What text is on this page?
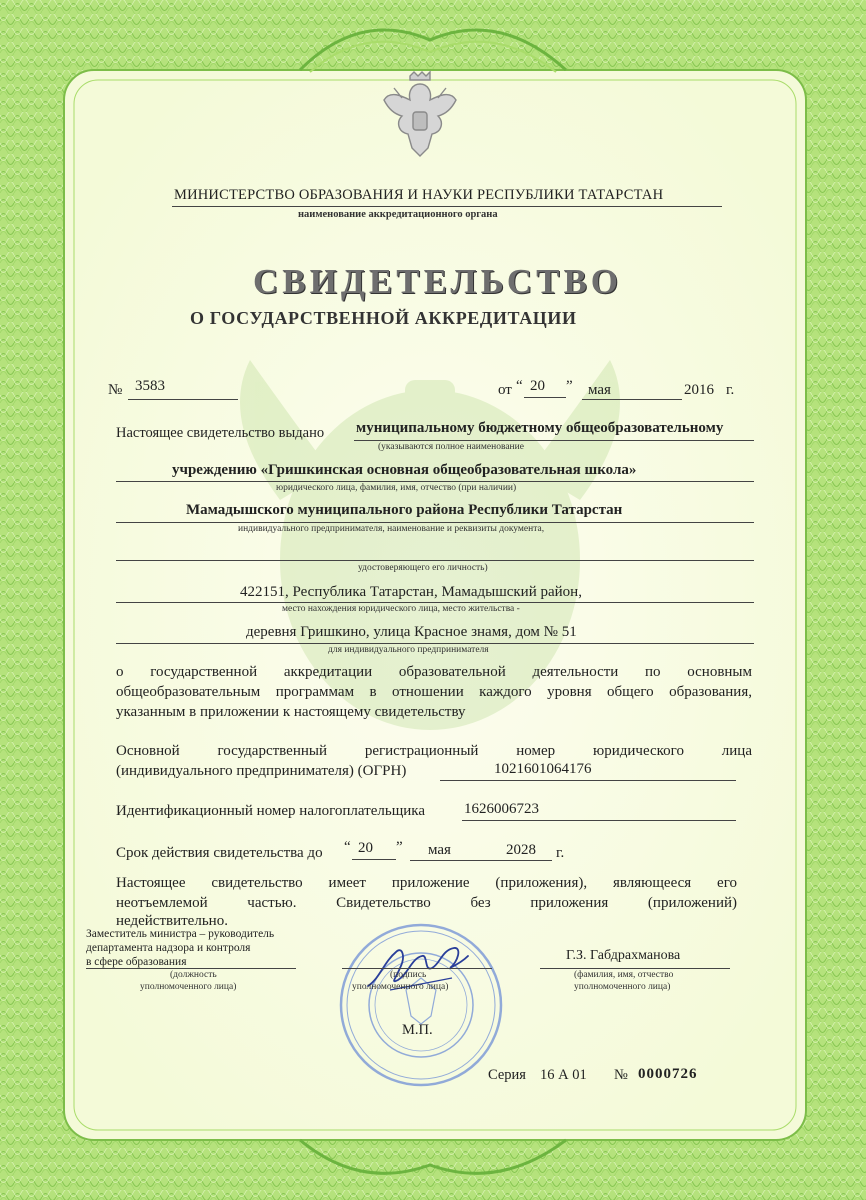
МИНИСТЕРСТВО ОБРАЗОВАНИЯ И НАУКИ РЕСПУБЛИКИ ТАТАРСТАН
наименование аккредитационного органа
СВИДЕТЕЛЬСТВО
О ГОСУДАРСТВЕННОЙ АККРЕДИТАЦИИ
№ 3583	от “ 20 ” мая	2016 г.
Настоящее свидетельство выдано муниципальному бюджетному общеобразовательному
(указываются полное наименование
учреждению «Гришкинская основная общеобразовательная школа»
юридического лица, фамилия, имя, отчество (при наличии)
Мамадышского муниципального района Республики Татарстан
индивидуального предпринимателя, наименование и реквизиты документа,
удостоверяющего его личность)
422151, Республика Татарстан, Мамадышский район,
место нахождения юридического лица, место жительства -
деревня Гришкино, улица Красное знамя, дом № 51
для индивидуального предпринимателя
о государственной аккредитации образовательной деятельности по основным
общеобразовательным программам в отношении каждого уровня общего образования,
указанным в приложении к настоящему свидетельству
Основной государственный регистрационный номер юридического лица
(индивидуального предпринимателя) (ОГРН)	1021601064176
Идентификационный номер налогоплательщика	1626006723
Срок действия свидетельства до “ 20 ” мая	2028 г.
Настоящее свидетельство имеет приложение (приложения), являющееся его
неотъемлемой частью. Свидетельство без приложения (приложений)
недействительно.
Заместитель министра – руководитель
департамента надзора и контроля
в сфере образования
(должность
уполномоченного лица)
(подпись
уполномоченного лица)
Г.З. Габдрахманова
(фамилия, имя, отчество
уполномоченного лица)
М.П.
Серия 16 А 01 № 0000726
